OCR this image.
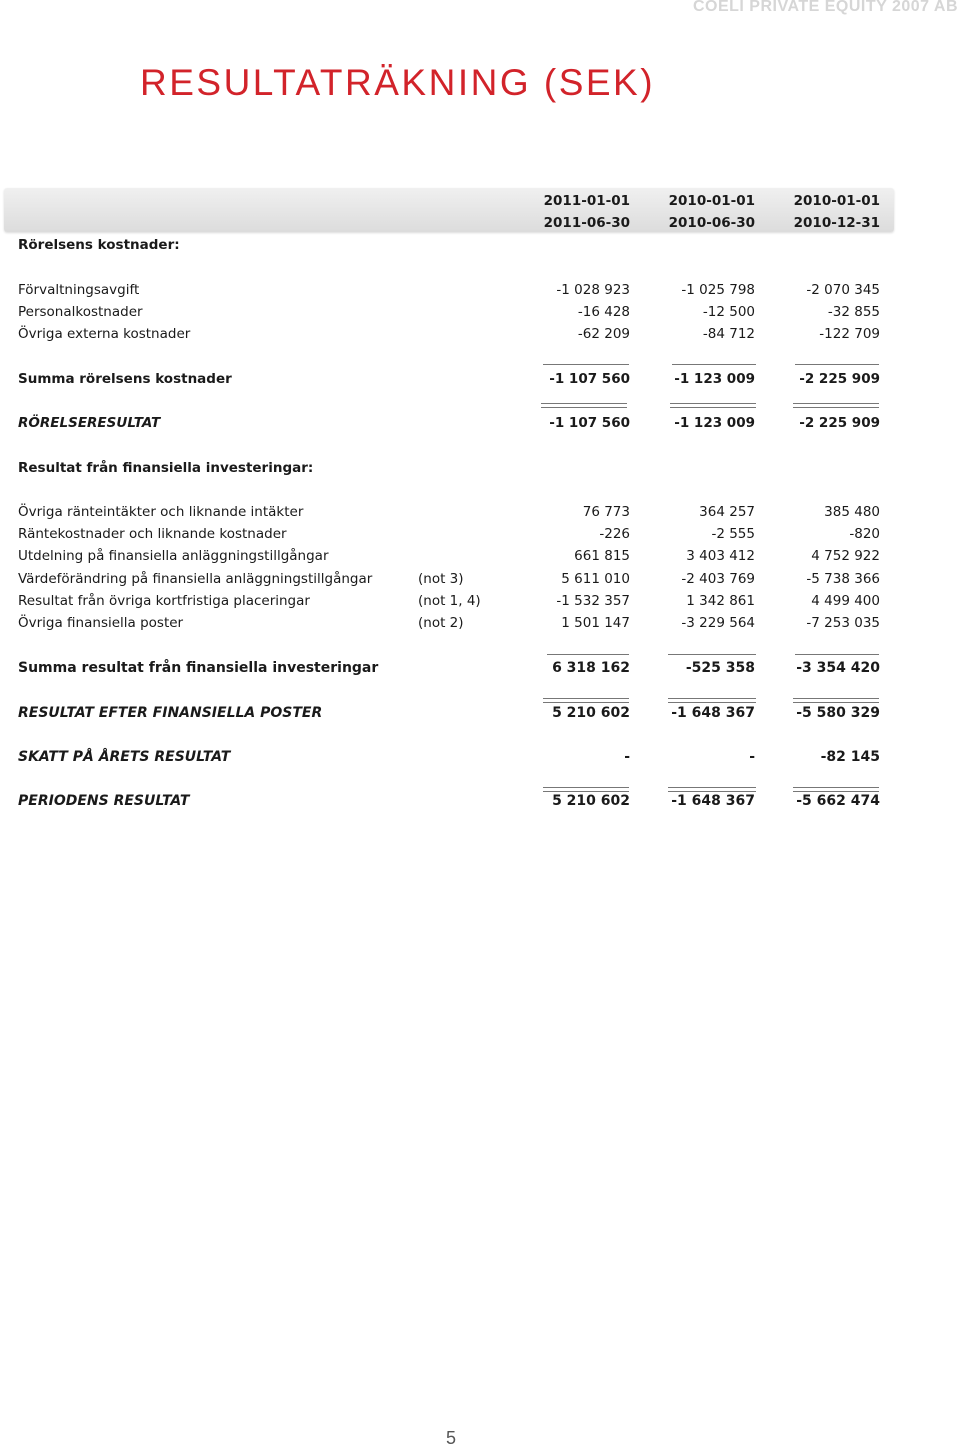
COELI PRIVATE EQUITY 2007 AB
RESULTATRÄKNING (SEK)
2011-01-01	2010-01-01	2010-01-01
2011-06-30	2010-06-30	2010-12-31
Rörelsens kostnader:
Förvaltningsavgift	-1 028 923	-1 025 798	-2 070 345
Personalkostnader	-16 428	-12 500	-32 855
Övriga externa kostnader	-62 209	-84 712	-122 709
Summa rörelsens kostnader	-1 107 560	-1 123 009	-2 225 909
RÖRELSERESULTAT	-1 107 560	-1 123 009	-2 225 909
Resultat från finansiella investeringar:
Övriga ränteintäkter och liknande intäkter	76 773	364 257	385 480
Räntekostnader och liknande kostnader	-226	-2 555	-820
Utdelning på finansiella anläggningstillgångar	661 815	3 403 412	4 752 922
Värdeförändring på finansiella anläggningstillgångar	(not 3)	5 611 010	-2 403 769	-5 738 366
Resultat från övriga kortfristiga placeringar	(not 1, 4)	-1 532 357	1 342 861	4 499 400
Övriga finansiella poster	(not 2)	1 501 147	-3 229 564	-7 253 035
Summa resultat från finansiella investeringar	6 318 162	-525 358	-3 354 420
RESULTAT EFTER FINANSIELLA POSTER	5 210 602	-1 648 367	-5 580 329
SKATT PÅ ÅRETS RESULTAT	-	-	-82 145
PERIODENS RESULTAT	5 210 602	-1 648 367	-5 662 474
5
